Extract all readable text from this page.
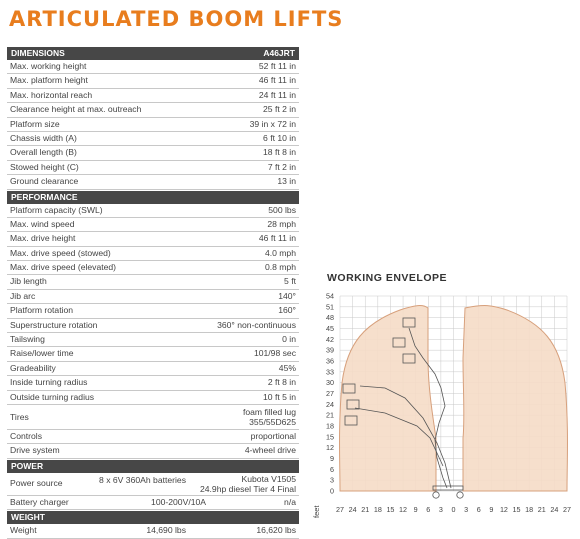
ARTICULATED BOOM LIFTS
DIMENSIONS	A46JRT
Max. working height	52 ft 11 in
Max. platform height	46 ft 11 in
Max. horizontal reach	24 ft 11 in
Clearance height at max. outreach	25 ft 2 in
Platform size	39 in x 72 in
Chassis width (A)	6 ft 10 in
Overall length (B)	18 ft 8 in
Stowed height (C)	7 ft 2 in
Ground clearance	13 in
PERFORMANCE
Platform capacity (SWL)	500 lbs
Max. wind speed	28 mph
Max. drive height	46 ft 11 in
Max. drive speed (stowed)	4.0 mph
Max. drive speed (elevated)	0.8 mph
Jib length	5 ft
Jib arc	140°
Platform rotation	160°
Superstructure rotation	360° non-continuous
Tailswing	0 in
Raise/lower time	101/98 sec
Gradeability	45%
Inside turning radius	2 ft 8 in
Outside turning radius	10 ft 5 in
Tires	foam filled lug
355/55D625
Controls	proportional
Drive system	4-wheel drive
POWER
Power source	8 x 6V 360Ah batteries	Kubota V1505
24.9hp diesel Tier 4 Final
Battery charger	100-200V/10A	n/a
WEIGHT
Weight	14,690 lbs	16,620 lbs
WORKING ENVELOPE
54
51
48
45
42
39
36
33
30
27
24
21
18
15
12
9
6
3
0
27 24 21 18 15 12 9 6 3 0 3 6 9 12 15 18 21 24 27
feet
